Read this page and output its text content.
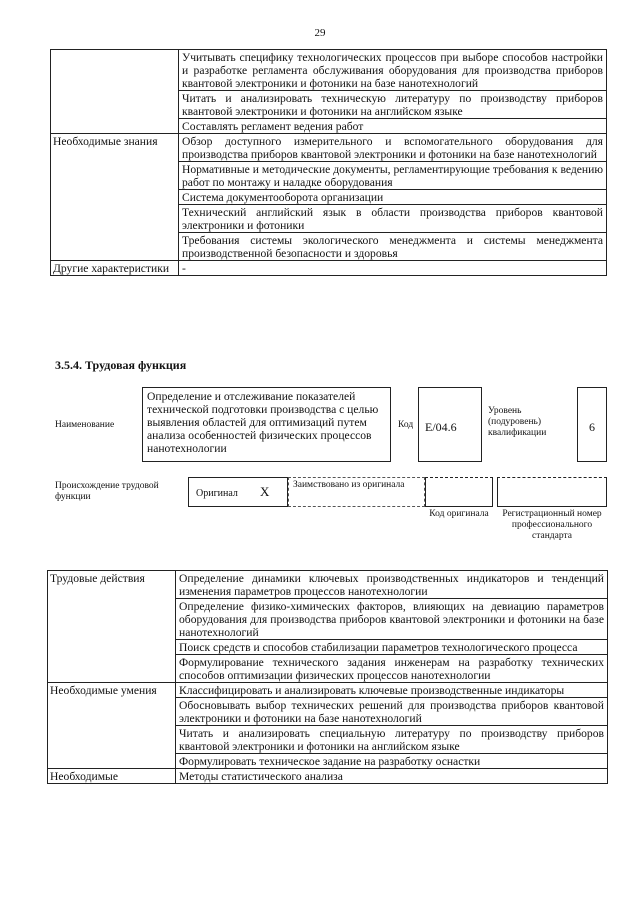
29
	Учитывать специфику технологических процессов при выборе способов настройки и разработке регламента обслуживания оборудования для производства приборов квантовой электроники и фотоники на базе нанотехнологий
	Читать и анализировать техническую литературу по производству приборов квантовой электроники и фотоники на английском языке
	Составлять регламент ведения работ
Необходимые знания	Обзор доступного измерительного и вспомогательного оборудования для производства приборов квантовой электроники и фотоники на базе нанотехнологий
	Нормативные и методические документы, регламентирующие требования к ведению работ по монтажу и наладке оборудования
	Система документооборота организации
	Технический английский язык в области производства приборов квантовой электроники и фотоники
	Требования системы экологического менеджмента и системы менеджмента производственной безопасности и здоровья
Другие характеристики	-
3.5.4. Трудовая функция
Наименование
Определение и отслеживание показателей технической подготовки производства с целью выявления областей для оптимизаций путем анализа особенностей физических процессов нанотехнологии
Код E/04.6
Уровень (подуровень) квалификации	6
Происхождение трудовой функции	Оригинал X Заимствовано из оригинала
Код оригинала	Регистрационный номер профессионального стандарта
Трудовые действия	Определение динамики ключевых производственных индикаторов и тенденций изменения параметров процессов нанотехнологии
	Определение физико-химических факторов, влияющих на девиацию параметров оборудования для производства приборов квантовой электроники и фотоники на базе нанотехнологий
	Поиск средств и способов стабилизации параметров технологического процесса
	Формулирование технического задания инженерам на разработку технических способов оптимизации физических процессов нанотехнологии
Необходимые умения	Классифицировать и анализировать ключевые производственные индикаторы
	Обосновывать выбор технических решений для производства приборов квантовой электроники и фотоники на базе нанотехнологий
	Читать и анализировать специальную литературу по производству приборов квантовой электроники и фотоники на английском языке
	Формулировать техническое задание на разработку оснастки
Необходимые	Методы статистического анализа
